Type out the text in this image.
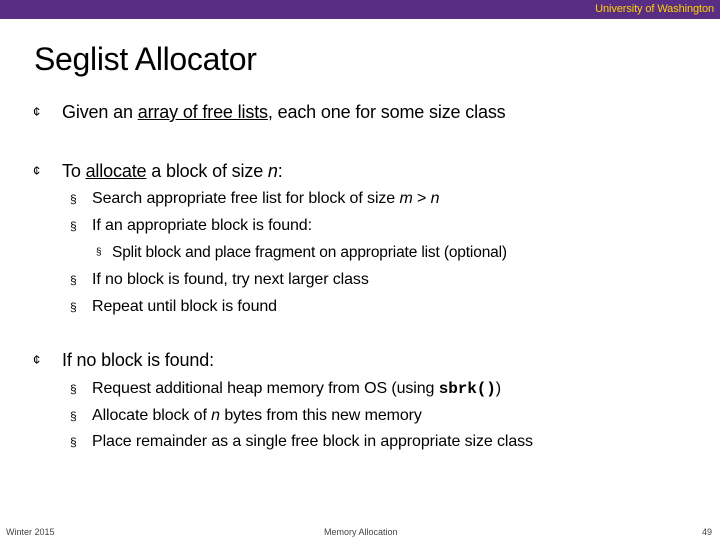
University of Washington
Seglist Allocator
¢ Given an array of free lists, each one for some size class
¢ To allocate a block of size n:
§ Search appropriate free list for block of size m > n
§ If an appropriate block is found:
§ Split block and place fragment on appropriate list (optional)
§ If no block is found, try next larger class
§ Repeat until block is found
¢ If no block is found:
§ Request additional heap memory from OS (using sbrk())
§ Allocate block of n bytes from this new memory
§ Place remainder as a single free block in appropriate size class
Winter 2015	Memory Allocation	49
